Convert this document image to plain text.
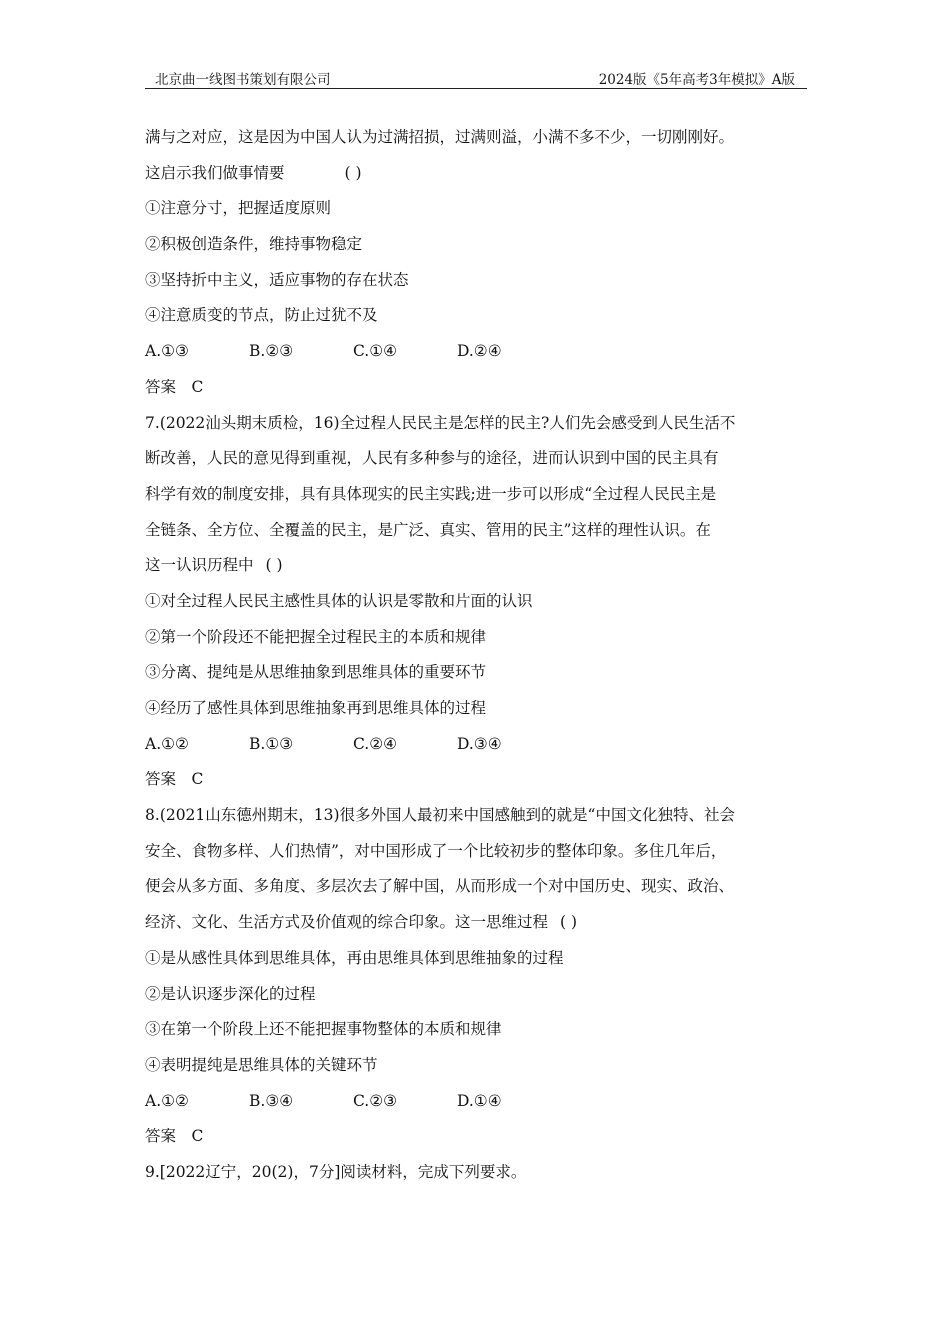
北京曲一线图书策划有限公司	2024版《5年高考3年模拟》A版
满与之对应，这是因为中国人认为过满招损，过满则溢，小满不多不少，一切刚刚好。
这启示我们做事情要	( )
①注意分寸，把握适度原则
②积极创造条件，维持事物稳定
③坚持折中主义，适应事物的存在状态
④注意质变的节点，防止过犹不及
A.①③	B.②③	C.①④	D.②④
答案　C
7.(2022汕头期末质检，16)全过程人民民主是怎样的民主?人们先会感受到人民生活不
断改善，人民的意见得到重视，人民有多种参与的途径，进而认识到中国的民主具有
科学有效的制度安排，具有具体现实的民主实践;进一步可以形成“全过程人民民主是
全链条、全方位、全覆盖的民主，是广泛、真实、管用的民主”这样的理性认识。在
这一认识历程中 ( )
①对全过程人民民主感性具体的认识是零散和片面的认识
②第一个阶段还不能把握全过程民主的本质和规律
③分离、提纯是从思维抽象到思维具体的重要环节
④经历了感性具体到思维抽象再到思维具体的过程
A.①②	B.①③	C.②④	D.③④
答案　C
8.(2021山东德州期末，13)很多外国人最初来中国感触到的就是“中国文化独特、社会
安全、食物多样、人们热情”，对中国形成了一个比较初步的整体印象。多住几年后，
便会从多方面、多角度、多层次去了解中国，从而形成一个对中国历史、现实、政治、
经济、文化、生活方式及价值观的综合印象。这一思维过程 ( )
①是从感性具体到思维具体，再由思维具体到思维抽象的过程
②是认识逐步深化的过程
③在第一个阶段上还不能把握事物整体的本质和规律
④表明提纯是思维具体的关键环节
A.①②	B.③④	C.②③	D.①④
答案　C
9.[2022辽宁，20(2)，7分]阅读材料，完成下列要求。
